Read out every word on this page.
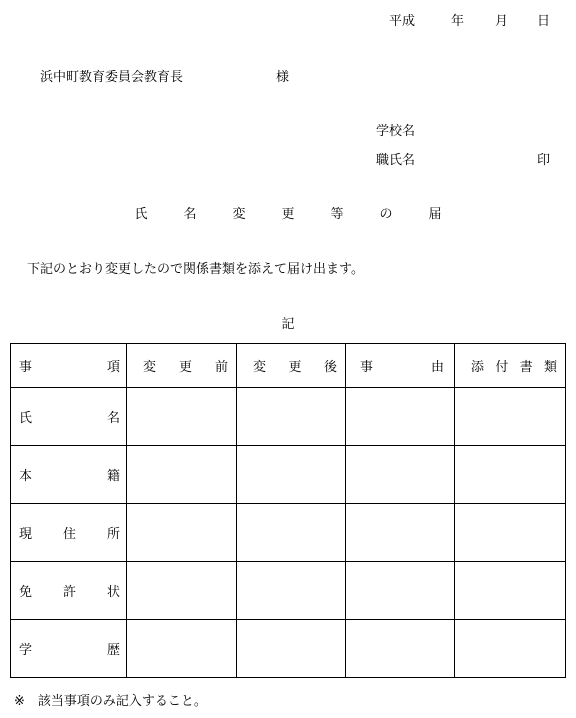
平成	年 月 日
浜中町教育委員会教育長	様
学校名
職氏名	印
氏 名 変 更 等 の 届
下記のとおり変更したので関係書類を添えて届け出ます。
記
事 項	変 更 前	変 更 後	事 由	添 付 書 類

氏 名				

本 籍				

現 住 所				

免 許 状				

学 歴				

※　該当事項のみ記入すること。
